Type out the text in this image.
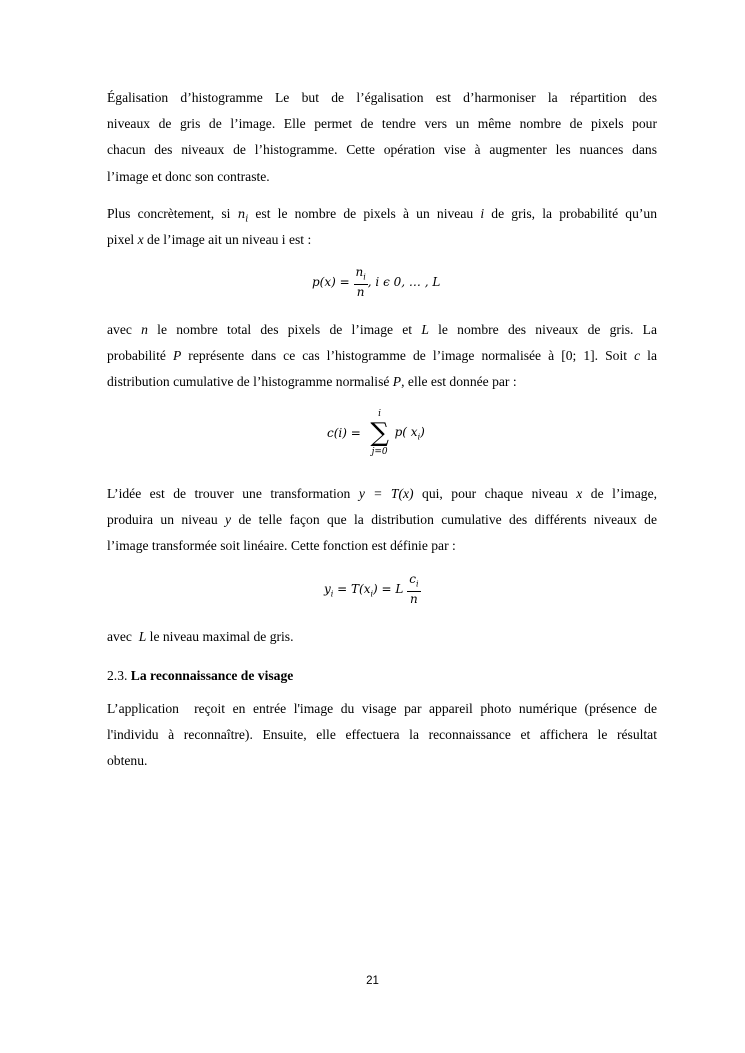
Égalisation d’histogramme Le but de l’égalisation est d’harmoniser la répartition des
niveaux de gris de l’image. Elle permet de tendre vers un même nombre de pixels pour
chacun des niveaux de l’histogramme. Cette opération vise à augmenter les nuances dans
l’image et donc son contraste.
Plus concrètement, si $n_i$ est le nombre de pixels à un niveau i de gris, la probabilité qu’un
pixel x de l’image ait un niveau i est :
$p(x) = \frac{n_i}{n}$ , i ϵ 0, … , L
avec n le nombre total des pixels de l’image et L le nombre des niveaux de gris. La
probabilité P représente dans ce cas l’histogramme de l’image normalisée à [0; 1]. Soit c la
distribution cumulative de l’histogramme normalisé P, elle est donnée par :
c(i) =
i
∑
j=0
p( $x_i$)
L’idée est de trouver une transformation y = T(x) qui, pour chaque niveau x de l’image,
produira un niveau y de telle façon que la distribution cumulative des différents niveaux de
l’image transformée soit linéaire. Cette fonction est définie par :
$y_i = T(x_i) = L \frac{c_i}{n}$
avec  L le niveau maximal de gris.
2.3. La reconnaissance de visage
L’application  reçoit en entrée l'image du visage par appareil photo numérique (présence de
l'individu à reconnaître). Ensuite, elle effectuera la reconnaissance et affichera le résultat
obtenu.
21
